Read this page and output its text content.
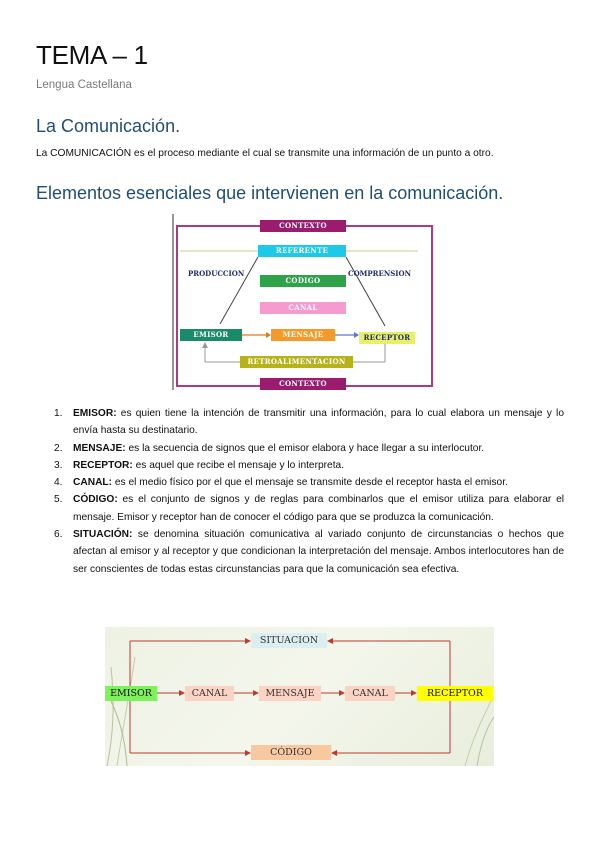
TEMA – 1
Lengua Castellana
La Comunicación.
La COMUNICACIÓN es el proceso mediante el cual se transmite una información de un punto a otro.
Elementos esenciales que intervienen en la comunicación.
CONTEXTO
REFERENTE
PRODUCCION	COMPRENSION
CODIGO
CANAL
EMISOR	MENSAJE	RECEPTOR
RETROALIMENTACION
CONTEXTO
1. EMISOR: es quien tiene la intención de transmitir una información, para lo cual elabora un mensaje y lo envía hasta su destinatario.
2. MENSAJE: es la secuencia de signos que el emisor elabora y hace llegar a su interlocutor.
3. RECEPTOR: es aquel que recibe el mensaje y lo interpreta.
4. CANAL: es el medio físico por el que el mensaje se transmite desde el receptor hasta el emisor.
5. CÓDIGO: es el conjunto de signos y de reglas para combinarlos que el emisor utiliza para elaborar el mensaje. Emisor y receptor han de conocer el código para que se produzca la comunicación.
6. SITUACIÓN: se denomina situación comunicativa al variado conjunto de circunstancias o hechos que afectan al emisor y al receptor y que condicionan la interpretación del mensaje. Ambos interlocutores han de ser conscientes de todas estas circunstancias para que la comunicación sea efectiva.
SITUACION
EMISOR	CANAL	MENSAJE	CANAL	RECEPTOR
CÓDIGO
